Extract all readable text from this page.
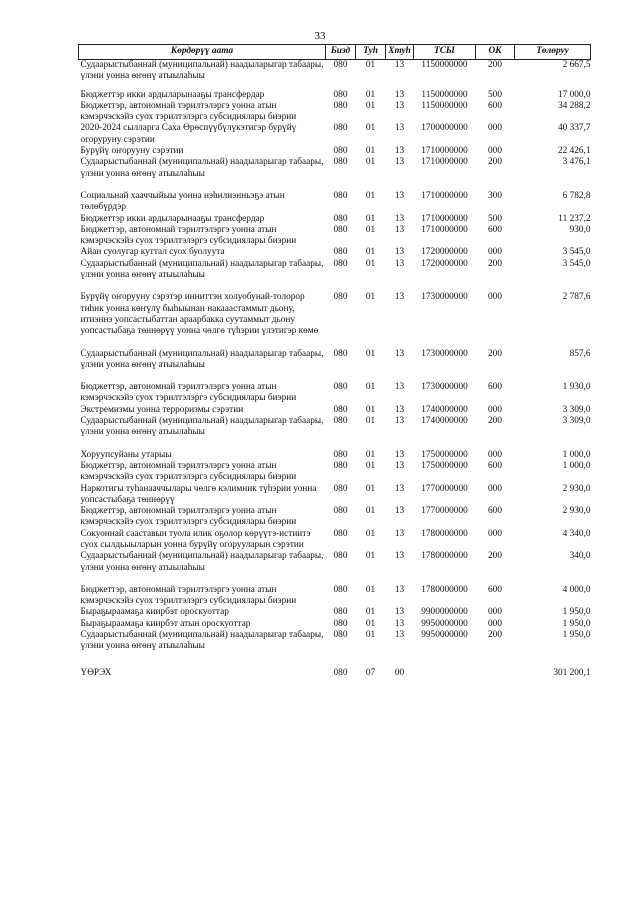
33
Көрдөрүү аата	Бизд	Туһ	Хтуһ	ТСЫ	ОК	Төлөруу
Судаарыстыбаннай (муниципальнай) наадыларыгар табаары, үлэни уонна өҥөнү атыылаһыы	080	01	13	1150000000	200	2 667,5
Бюджеттэр икки ардыларынааҕы трансфердар	080	01	13	1150000000	500	17 000,0
Бюджеттэр, автономнай тэрилтэлэргэ уонна атын кэмэрчэскэйэ суох тэрилтэлэргэ субсидиялары биэрии	080	01	13	1150000000	600	34 288,2
2020-2024 сылларга Саха Өрөспүүбүлүкэтигэр бурүйү огоруруну сэрэтии	080	01	13	1700000000	000	40 337,7
Бурүйү оҥорууну сэрэтии	080	01	13	1710000000	000	22 426,1
Судаарыстыбаннай (муниципальнай) наадыларыгар табаары, үлэни уонна өҥөнү атыылаһыы	080	01	13	1710000000	200	3 476,1
Социальнай хааччыйыы уонна нэһилиэнньэҕэ атын төлөбүрдэр	080	01	13	1710000000	300	6 782,8
Бюджеттэр икки ардыларынааҕы трансфердар	080	01	13	1710000000	500	11 237,2
Бюджеттэр, автономнай тэрилтэлэргэ уонна атын кэмэрчэскэйэ суох тэрилтэлэргэ субсидиялары биэрии	080	01	13	1710000000	600	930,0
Айан суолугар куттал суох буолуута	080	01	13	1720000000	000	3 545,0
Судаарыстыбаннай (муниципальнай) наадыларыгар табаары, үлэни уонна өҥөнү атыылаһыы	080	01	13	1720000000	200	3 545,0
Бурүйү оҥорууну сэрэтэр инниттэн холуобунай-толорор тиһик уонна көҥүлү быһыынан накааастаммыт дьону, итиэннэ уопсастыбаттан араарбакка суутаммыт дьону уопсастыбаҕа төннөрүү уонна чөлгө түһэрии үлэтигэр көмө	080	01	13	1730000000	000	2 787,6
Судаарыстыбаннай (муниципальнай) наадыларыгар табаары, үлэни уонна өҥөнү атыылаһыы	080	01	13	1730000000	200	857,6
Бюджеттэр, автономнай тэрилтэлэргэ уонна атын кэмэрчэскэйэ суох тэрилтэлэргэ субсидиялары биэрии	080	01	13	1730000000	600	1 930,0
Экстремизмы уонна терроризмы сэрэтии	080	01	13	1740000000	000	3 309,0
Судаарыстыбаннай (муниципальнай) наадыларыгар табаары, үлэни уонна өҥөнү атыылаһыы	080	01	13	1740000000	200	3 309,0
Хоруупсуйаны утарыы	080	01	13	1750000000	000	1 000,0
Бюджеттэр, автономнай тэрилтэлэргэ уонна атын кэмэрчэскэйэ суох тэрилтэлэргэ субсидиялары биэрии	080	01	13	1750000000	600	1 000,0
Наркотигы туһанааччылары чөлгө кэлимник түһэрии уонна уопсастыбаҕа төннөрүү	080	01	13	1770000000	000	2 930,0
Бюджеттэр, автономнай тэрилтэлэргэ уонна атын кэмэрчэскэйэ суох тэрилтэлэргэ субсидиялары биэрии	080	01	13	1770000000	600	2 930,0
Сокуоннай сааставын туола илик оҕолор көрүүтэ-истиитэ суох сылдьыыларын уонна бурүйү огорууларын сэрэтии	080	01	13	1780000000	000	4 340,0
Судаарыстыбаннай (муниципальнай) наадыларыгар табаары, үлэни уонна өҥөнү атыылаһыы	080	01	13	1780000000	200	340,0
Бюджеттэр, автономнай тэрилтэлэргэ уонна атын кэмэрчэскэйэ суох тэрилтэлэргэ субсидиялары биэрии	080	01	13	1780000000	600	4 000,0
Быраҕыраамаҕа киирбэт ороскуоттар	080	01	13	9900000000	000	1 950,0
Быраҕыраамаҕа киирбэт атын ороскуоттар	080	01	13	9950000000	000	1 950,0
Судаарыстыбаннай (муниципальнай) наадыларыгар табаары, үлэни уонна өҥөнү атыылаһыы	080	01	13	9950000000	200	1 950,0
ҮӨРЭХ	080	07	00			301 200,1
